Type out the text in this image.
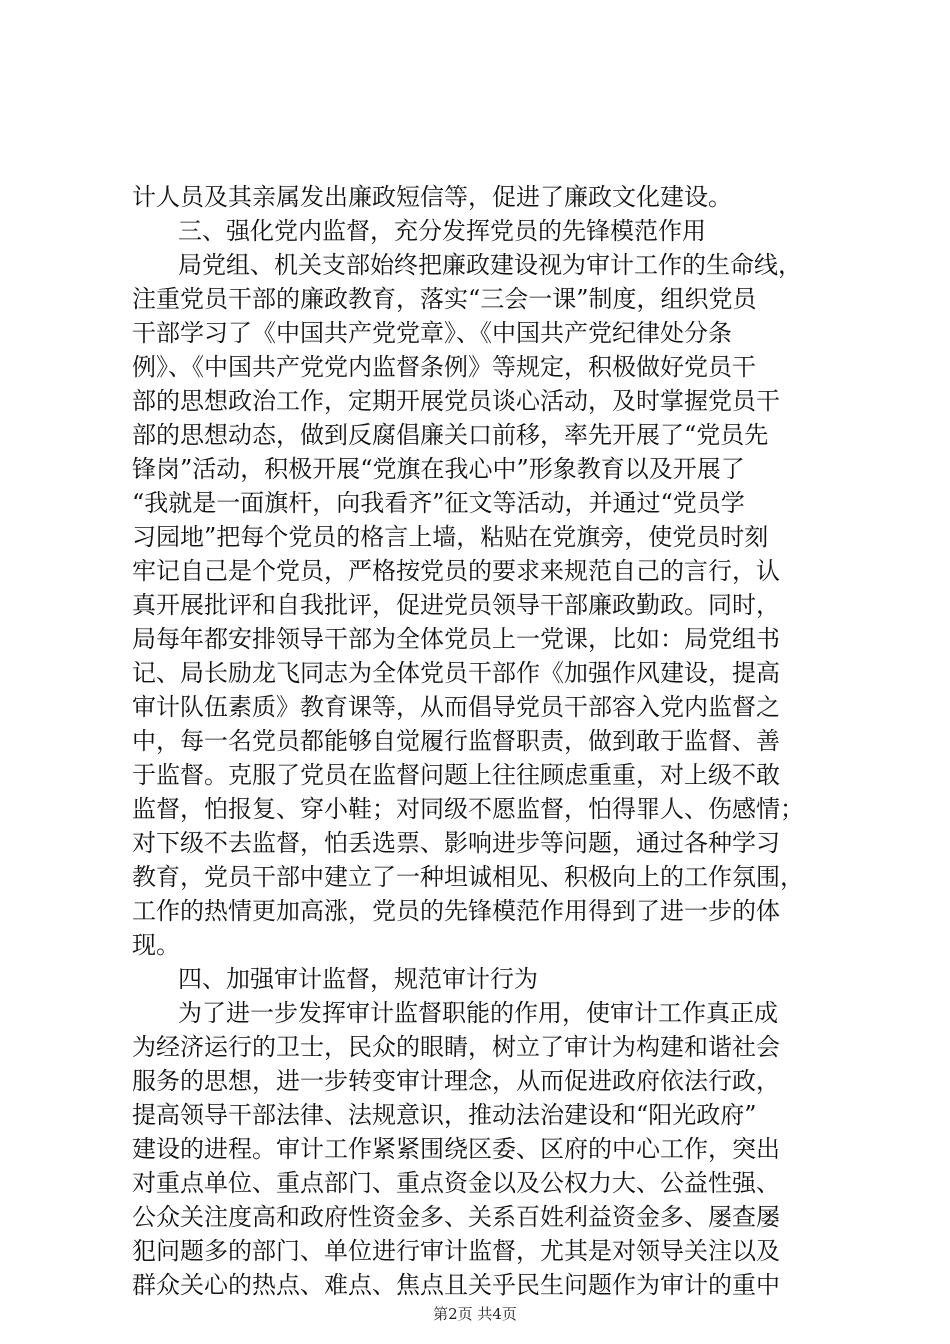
计人员及其亲属发出廉政短信等，促进了廉政文化建设。
三、强化党内监督，充分发挥党员的先锋模范作用
局党组、机关支部始终把廉政建设视为审计工作的生命线，
注重党员干部的廉政教育，落实“三会一课”制度，组织党员
干部学习了《中国共产党党章》、《中国共产党纪律处分条
例》、《中国共产党党内监督条例》等规定，积极做好党员干
部的思想政治工作，定期开展党员谈心活动，及时掌握党员干
部的思想动态，做到反腐倡廉关口前移，率先开展了“党员先
锋岗”活动，积极开展“党旗在我心中”形象教育以及开展了
“我就是一面旗杆，向我看齐”征文等活动，并通过“党员学
习园地”把每个党员的格言上墙，粘贴在党旗旁，使党员时刻
牢记自己是个党员，严格按党员的要求来规范自己的言行，认
真开展批评和自我批评，促进党员领导干部廉政勤政。同时，
局每年都安排领导干部为全体党员上一党课，比如：局党组书
记、局长励龙飞同志为全体党员干部作《加强作风建设，提高
审计队伍素质》教育课等，从而倡导党员干部容入党内监督之
中，每一名党员都能够自觉履行监督职责，做到敢于监督、善
于监督。克服了党员在监督问题上往往顾虑重重，对上级不敢
监督，怕报复、穿小鞋；对同级不愿监督，怕得罪人、伤感情；
对下级不去监督，怕丢选票、影响进步等问题，通过各种学习
教育，党员干部中建立了一种坦诚相见、积极向上的工作氛围，
工作的热情更加高涨，党员的先锋模范作用得到了进一步的体
现。
四、加强审计监督，规范审计行为
为了进一步发挥审计监督职能的作用，使审计工作真正成
为经济运行的卫士，民众的眼睛，树立了审计为构建和谐社会
服务的思想，进一步转变审计理念，从而促进政府依法行政，
提高领导干部法律、法规意识，推动法治建设和“阳光政府”
建设的进程。审计工作紧紧围绕区委、区府的中心工作，突出
对重点单位、重点部门、重点资金以及公权力大、公益性强、
公众关注度高和政府性资金多、关系百姓利益资金多、屡查屡
犯问题多的部门、单位进行审计监督，尤其是对领导关注以及
群众关心的热点、难点、焦点且关乎民生问题作为审计的重中
第2页 共4页
